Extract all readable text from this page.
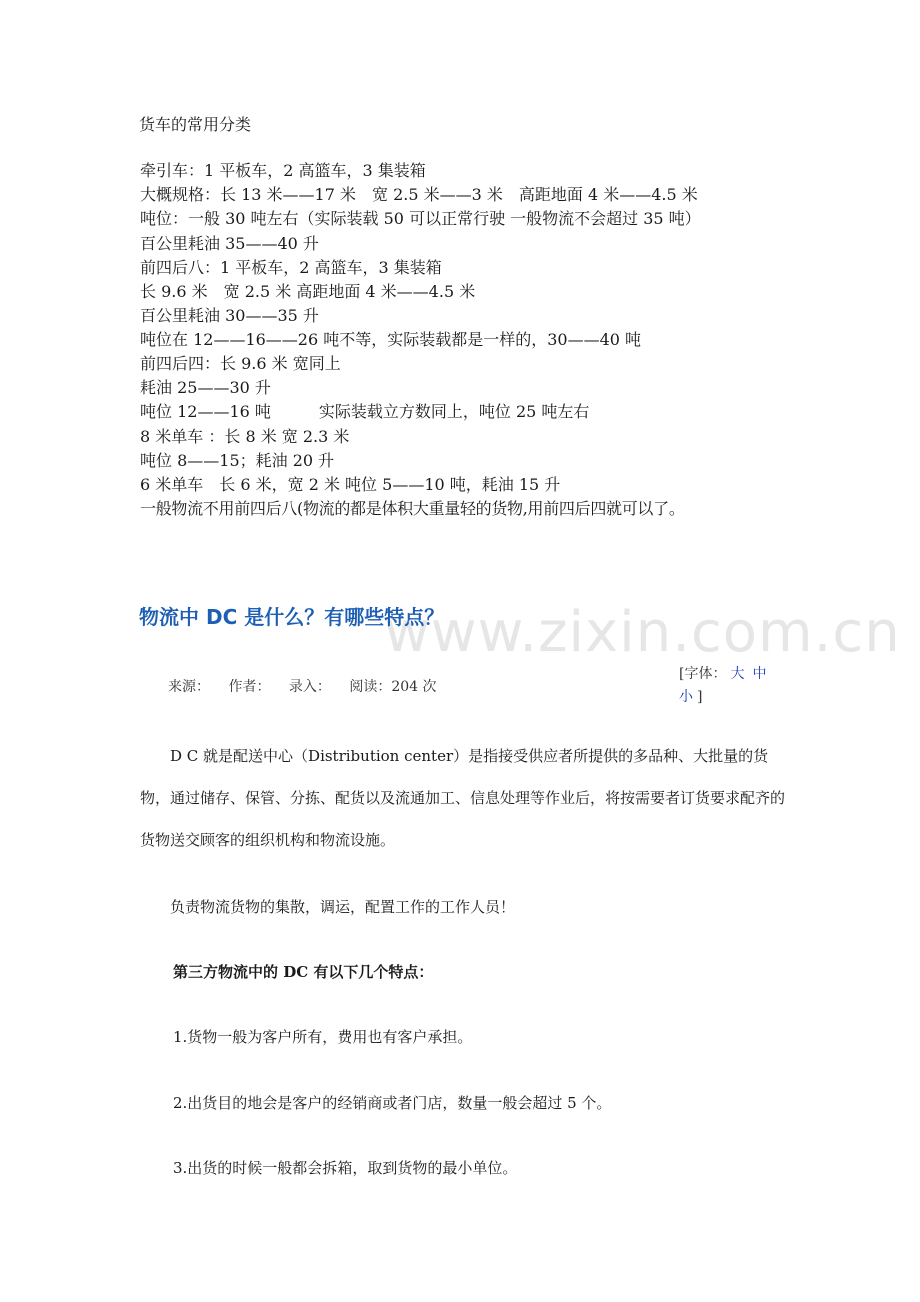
www.zixin.com.cn
货车的常用分类
牵引车：1 平板车，2 高篮车，3 集装箱
大概规格：长 13 米——17 米　宽 2.5 米——3 米　高距地面 4 米——4.5 米
吨位：一般 30 吨左右（实际装载 50 可以正常行驶 一般物流不会超过 35 吨）
百公里耗油 35——40 升
前四后八：1 平板车，2 高篮车，3 集装箱
长 9.6 米　宽 2.5 米 高距地面 4 米——4.5 米
百公里耗油 30——35 升
吨位在 12——16——26 吨不等，实际装载都是一样的，30——40 吨
前四后四：长 9.6 米 宽同上
耗油 25——30 升
吨位 12——16 吨　　　实际装载立方数同上，吨位 25 吨左右
8 米单车 ：长 8 米 宽 2.3 米
吨位 8——15；耗油 20 升
6 米单车　长 6 米，宽 2 米 吨位 5——10 吨，耗油 15 升
一般物流不用前四后八(物流的都是体积大重量轻的货物,用前四后四就可以了。
物流中 DC 是什么？有哪些特点？
来源： 作者： 录入： 阅读：204 次
[字体： 大 中
小 ]
D C 就是配送中心（Distribution center）是指接受供应者所提供的多品种、大批量的货物，通过储存、保管、分拣、配货以及流通加工、信息处理等作业后，将按需要者订货要求配齐的货物送交顾客的组织机构和物流设施。
负责物流货物的集散，调运，配置工作的工作人员！
第三方物流中的 DC 有以下几个特点：
1.货物一般为客户所有，费用也有客户承担。
2.出货目的地会是客户的经销商或者门店，数量一般会超过 5 个。
3.出货的时候一般都会拆箱，取到货物的最小单位。
